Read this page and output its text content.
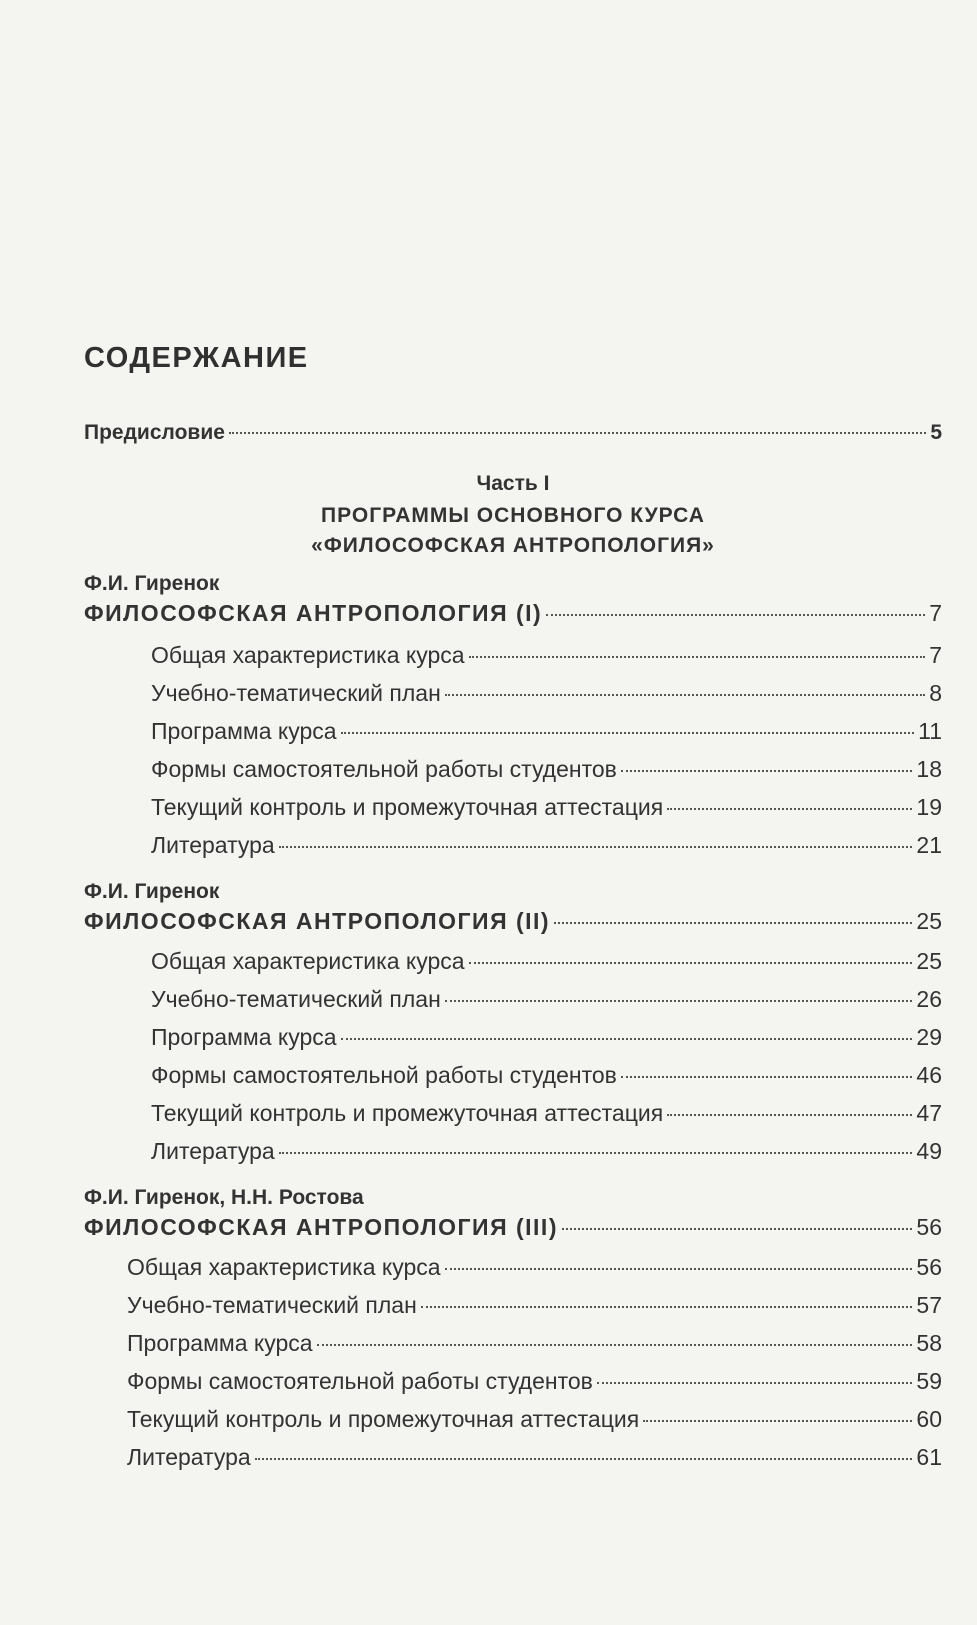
СОДЕРЖАНИЕ
Предисловие	5

Часть I

ПРОГРАММЫ ОСНОВНОГО КУРСА

«ФИЛОСОФСКАЯ АНТРОПОЛОГИЯ»

Ф.И. Гиренок

ФИЛОСОФСКАЯ АНТРОПОЛОГИЯ (I)	7
Общая характеристика курса	7
Учебно-тематический план	8
Программа курса	11
Формы самостоятельной работы студентов	18
Текущий контроль и промежуточная аттестация	19
Литература	21

Ф.И. Гиренок

ФИЛОСОФСКАЯ АНТРОПОЛОГИЯ (II)	25
Общая характеристика курса	25
Учебно-тематический план	26
Программа курса	29
Формы самостоятельной работы студентов	46
Текущий контроль и промежуточная аттестация	47
Литература	49

Ф.И. Гиренок, Н.Н. Ростова

ФИЛОСОФСКАЯ АНТРОПОЛОГИЯ (III)	56
Общая характеристика курса	56
Учебно-тематический план	57
Программа курса	58
Формы самостоятельной работы студентов	59
Текущий контроль и промежуточная аттестация	60
Литература	61
